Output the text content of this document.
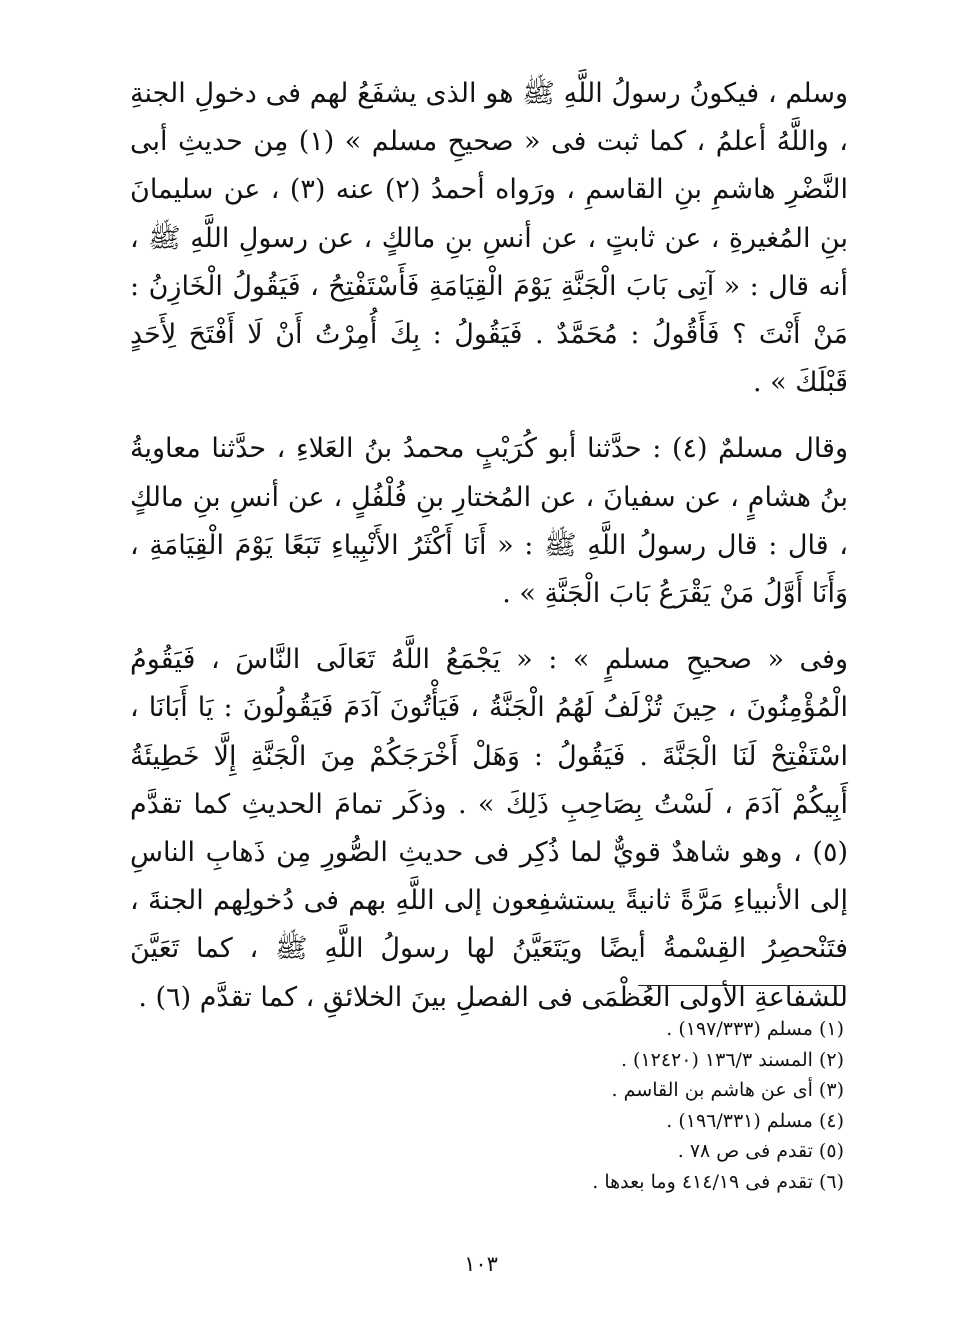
وسلم ، فيكونُ رسولُ اللَّهِ ﷺ هو الذى يشفَعُ لهم فى دخولِ الجنةِ ، واللَّهُ أعلمُ ، كما ثبت فى « صحيحِ مسلم » (١) مِن حديثِ أبى النَّضْرِ هاشمِ بنِ القاسمِ ، ورَواه أحمدُ (٢) عنه (٣) ، عن سليمانَ بنِ المُغيرةِ ، عن ثابتٍ ، عن أنسِ بنِ مالكٍ ، عن رسولِ اللَّهِ ﷺ ، أنه قال : « آتِى بَابَ الْجَنَّةِ يَوْمَ الْقِيَامَةِ فَأَسْتَفْتِحُ ، فَيَقُولُ الْخَازِنُ : مَنْ أَنْتَ ؟ فَأَقُولُ : مُحَمَّدٌ . فَيَقُولُ : بِكَ أُمِرْتُ أَنْ لَا أَفْتَحَ لِأَحَدٍ قَبْلَكَ » .

وقال مسلمٌ (٤) : حدَّثنا أبو كُرَيْبٍ محمدُ بنُ العَلاءِ ، حدَّثنا معاويةُ بنُ هشامٍ ، عن سفيانَ ، عن المُختارِ بنِ فُلْفُلٍ ، عن أنسِ بنِ مالكٍ ، قال : قال رسولُ اللَّهِ ﷺ : « أَنَا أَكْثَرُ الأَنْبِياءِ تَبَعًا يَوْمَ الْقِيَامَةِ ، وَأَنَا أَوَّلُ مَنْ يَقْرَعُ بَابَ الْجَنَّةِ » .

وفى « صحيحِ مسلمٍ » : « يَجْمَعُ اللَّهُ تَعَالَى النَّاسَ ، فَيَقُومُ الْمُؤْمِنُونَ ، حِينَ تُزْلَفُ لَهُمُ الْجَنَّةُ ، فَيَأْتُونَ آدَمَ فَيَقُولُونَ : يَا أَبَانَا ، اسْتَفْتِحْ لَنَا الْجَنَّةَ . فَيَقُولُ : وَهَلْ أَخْرَجَكُمْ مِنَ الْجَنَّةِ إِلَّا خَطِيئَةُ أَبِيكُمْ آدَمَ ، لَسْتُ بِصَاحِبِ ذَلِكَ » . وذكَر تمامَ الحديثِ كما تقدَّم (٥) ، وهو شاهدٌ قويٌّ لما ذُكِر فى حديثِ الصُّورِ مِن ذَهابِ الناسِ إلى الأنبياءِ مَرَّةً ثانيةً يستشفِعون إلى اللَّهِ بهم فى دُخولِهم الجنةَ ، فتَنْحصِرُ القِسْمةُ أيضًا ويَتَعَيَّنُ لها رسولُ اللَّهِ ﷺ ، كما تَعَيَّنَ للشفاعةِ الأولى العُظْمَى فى الفصلِ بينَ الخلائقِ ، كما تقدَّم (٦) .

(١) مسلم (١٩٧/٣٣٣) .

(٢) المسند ١٣٦/٣ (١٢٤٢٠) .

(٣) أى عن هاشم بن القاسم .

(٤) مسلم (١٩٦/٣٣١) .

(٥) تقدم فى ص ٧٨ .

(٦) تقدم فى ٤١٤/١٩ وما بعدها .

١٠٣
